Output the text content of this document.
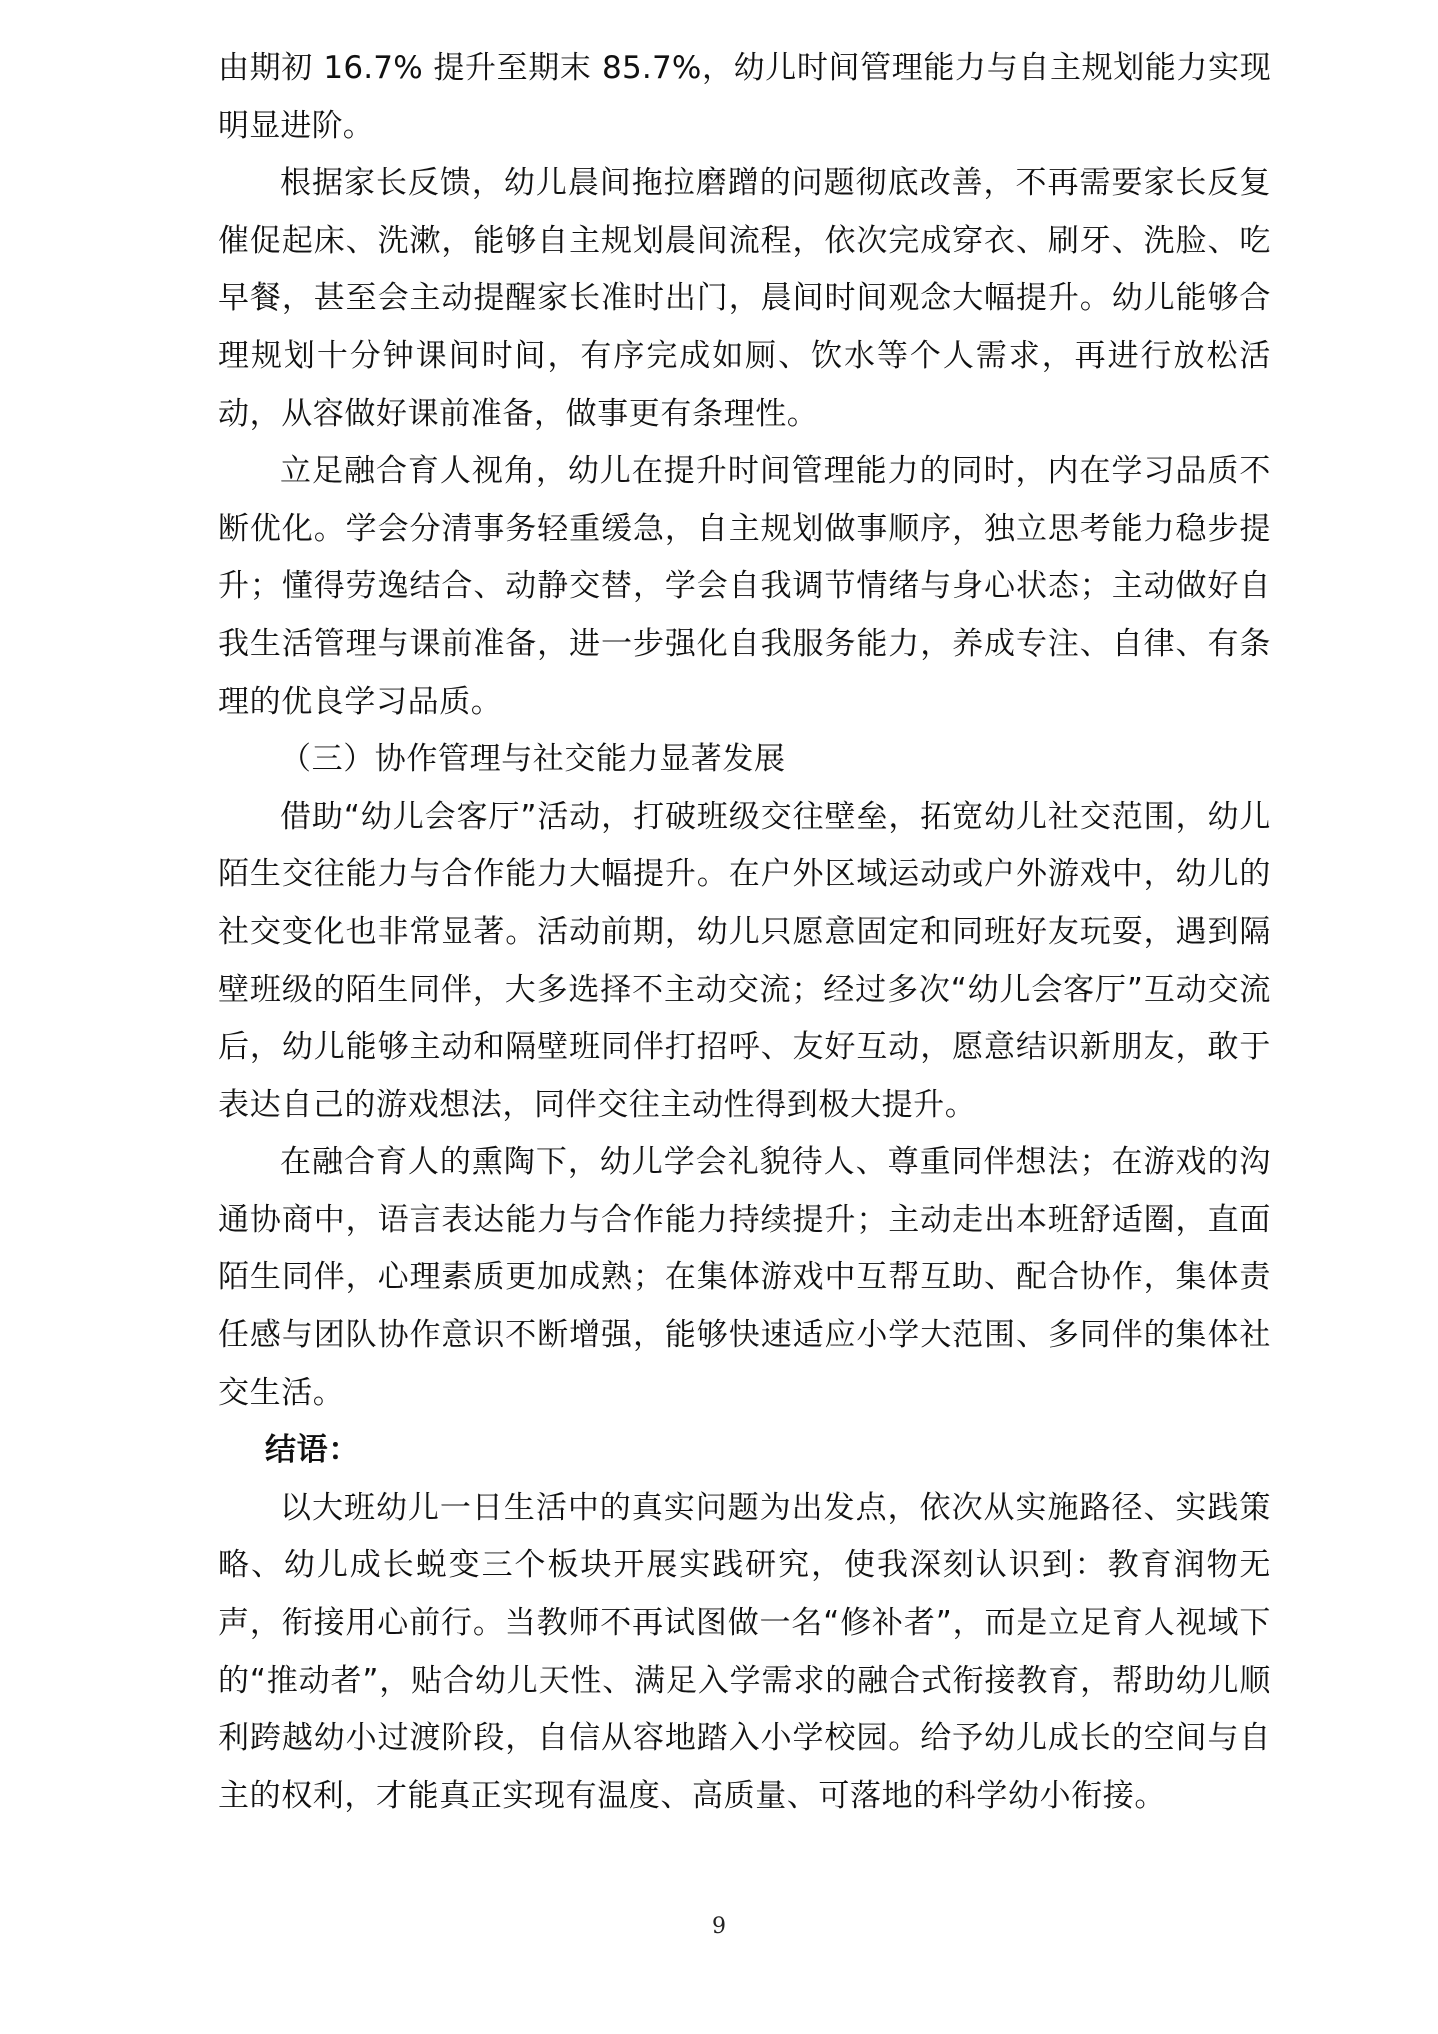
由期初 16.7% 提升至期末 85.7%，幼儿时间管理能力与自主规划能力实现明显进阶。

根据家长反馈，幼儿晨间拖拉磨蹭的问题彻底改善，不再需要家长反复催促起床、洗漱，能够自主规划晨间流程，依次完成穿衣、刷牙、洗脸、吃早餐，甚至会主动提醒家长准时出门，晨间时间观念大幅提升。幼儿能够合理规划十分钟课间时间，有序完成如厕、饮水等个人需求，再进行放松活动，从容做好课前准备，做事更有条理性。

立足融合育人视角，幼儿在提升时间管理能力的同时，内在学习品质不断优化。学会分清事务轻重缓急，自主规划做事顺序，独立思考能力稳步提升；懂得劳逸结合、动静交替，学会自我调节情绪与身心状态；主动做好自我生活管理与课前准备，进一步强化自我服务能力，养成专注、自律、有条理的优良学习品质。

（三）协作管理与社交能力显著发展

借助“幼儿会客厅”活动，打破班级交往壁垒，拓宽幼儿社交范围，幼儿陌生交往能力与合作能力大幅提升。在户外区域运动或户外游戏中，幼儿的社交变化也非常显著。活动前期，幼儿只愿意固定和同班好友玩耍，遇到隔壁班级的陌生同伴，大多选择不主动交流；经过多次“幼儿会客厅”互动交流后，幼儿能够主动和隔壁班同伴打招呼、友好互动，愿意结识新朋友，敢于表达自己的游戏想法，同伴交往主动性得到极大提升。

在融合育人的熏陶下，幼儿学会礼貌待人、尊重同伴想法；在游戏的沟通协商中，语言表达能力与合作能力持续提升；主动走出本班舒适圈，直面陌生同伴，心理素质更加成熟；在集体游戏中互帮互助、配合协作，集体责任感与团队协作意识不断增强，能够快速适应小学大范围、多同伴的集体社交生活。

结语：

以大班幼儿一日生活中的真实问题为出发点，依次从实施路径、实践策略、幼儿成长蜕变三个板块开展实践研究，使我深刻认识到：教育润物无声，衔接用心前行。当教师不再试图做一名“修补者”，而是立足育人视域下的“推动者”，贴合幼儿天性、满足入学需求的融合式衔接教育，帮助幼儿顺利跨越幼小过渡阶段，自信从容地踏入小学校园。给予幼儿成长的空间与自主的权利，才能真正实现有温度、高质量、可落地的科学幼小衔接。

9
